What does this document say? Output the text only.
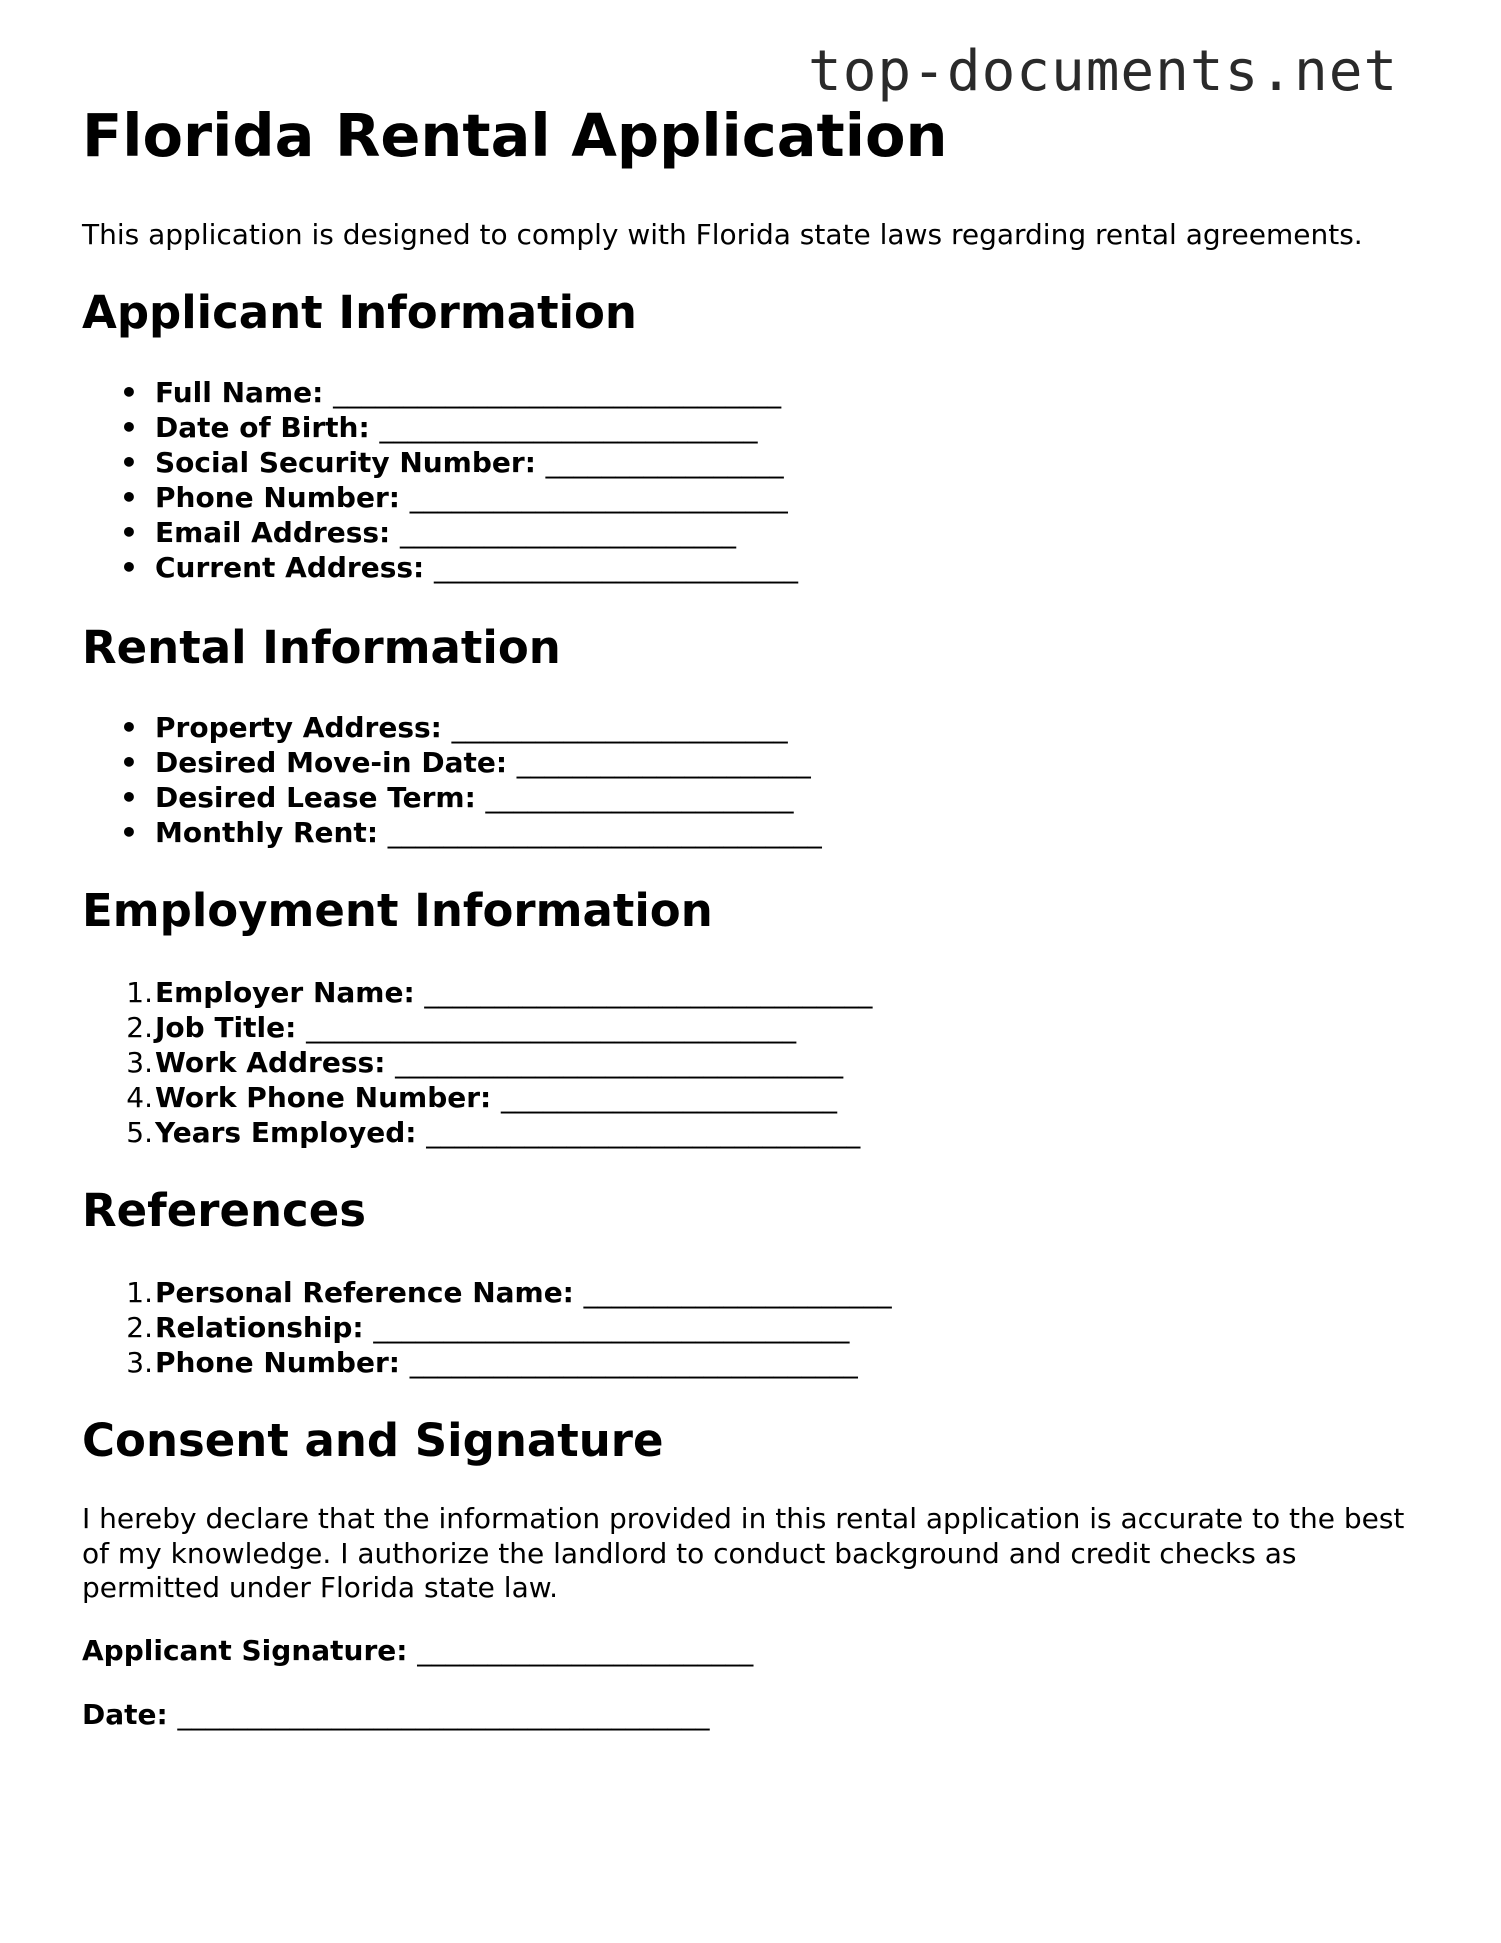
top-documents.net
Florida Rental Application

This application is designed to comply with Florida state laws regarding rental agreements.

Applicant Information
• Full Name: ________________________________
• Date of Birth: ___________________________
• Social Security Number: _________________
• Phone Number: ___________________________
• Email Address: ________________________
• Current Address: __________________________
Rental Information
• Property Address: ________________________
• Desired Move-in Date: _____________________
• Desired Lease Term: ______________________
• Monthly Rent: _______________________________
Employment Information
1. Employer Name: ________________________________
2. Job Title: ___________________________________
3. Work Address: ________________________________
4. Work Phone Number: ________________________
5. Years Employed: _______________________________
References
1. Personal Reference Name: ______________________
2. Relationship: __________________________________
3. Phone Number: ________________________________
Consent and Signature

I hereby declare that the information provided in this rental application is accurate to the best of my knowledge. I authorize the landlord to conduct background and credit checks as permitted under Florida state law.

Applicant Signature: ________________________

Date: ______________________________________
